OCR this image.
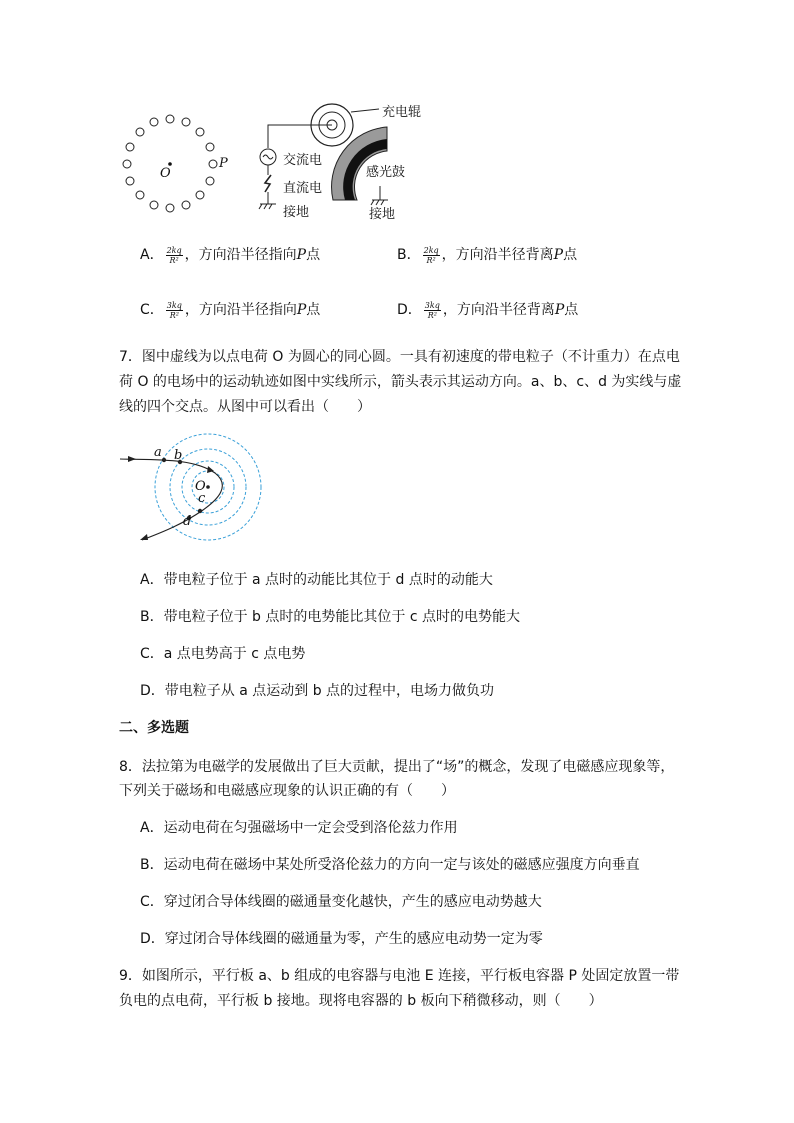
O
P
充电辊
交流电
直流电
接地
感光鼓
接地
A． $\frac{2kq}{\text{R²}}$ ，方向沿半径指向P点	B． $\frac{2kq}{\text{R²}}$ ，方向沿半径背离P点
C． $\frac{3kq}{\text{R²}}$ ，方向沿半径指向P点	D． $\frac{3kq}{\text{R²}}$ ，方向沿半径背离P点
7．图中虚线为以点电荷 O 为圆心的同心圆。一具有初速度的带电粒子（不计重力）在点电
荷 O 的电场中的运动轨迹如图中实线所示，箭头表示其运动方向。a、b、c、d 为实线与虚
线的四个交点。从图中可以看出（　　）
a b
O
c
d
A．带电粒子位于 a 点时的动能比其位于 d 点时的动能大
B．带电粒子位于 b 点时的电势能比其位于 c 点时的电势能大
C．a 点电势高于 c 点电势
D．带电粒子从 a 点运动到 b 点的过程中，电场力做负功
二、多选题
8．法拉第为电磁学的发展做出了巨大贡献，提出了“场”的概念，发现了电磁感应现象等，
下列关于磁场和电磁感应现象的认识正确的有（　　）
A．运动电荷在匀强磁场中一定会受到洛伦兹力作用
B．运动电荷在磁场中某处所受洛伦兹力的方向一定与该处的磁感应强度方向垂直
C．穿过闭合导体线圈的磁通量变化越快，产生的感应电动势越大
D．穿过闭合导体线圈的磁通量为零，产生的感应电动势一定为零
9．如图所示，平行板 a、b 组成的电容器与电池 E 连接，平行板电容器 P 处固定放置一带
负电的点电荷，平行板 b 接地。现将电容器的 b 板向下稍微移动，则（　　）
